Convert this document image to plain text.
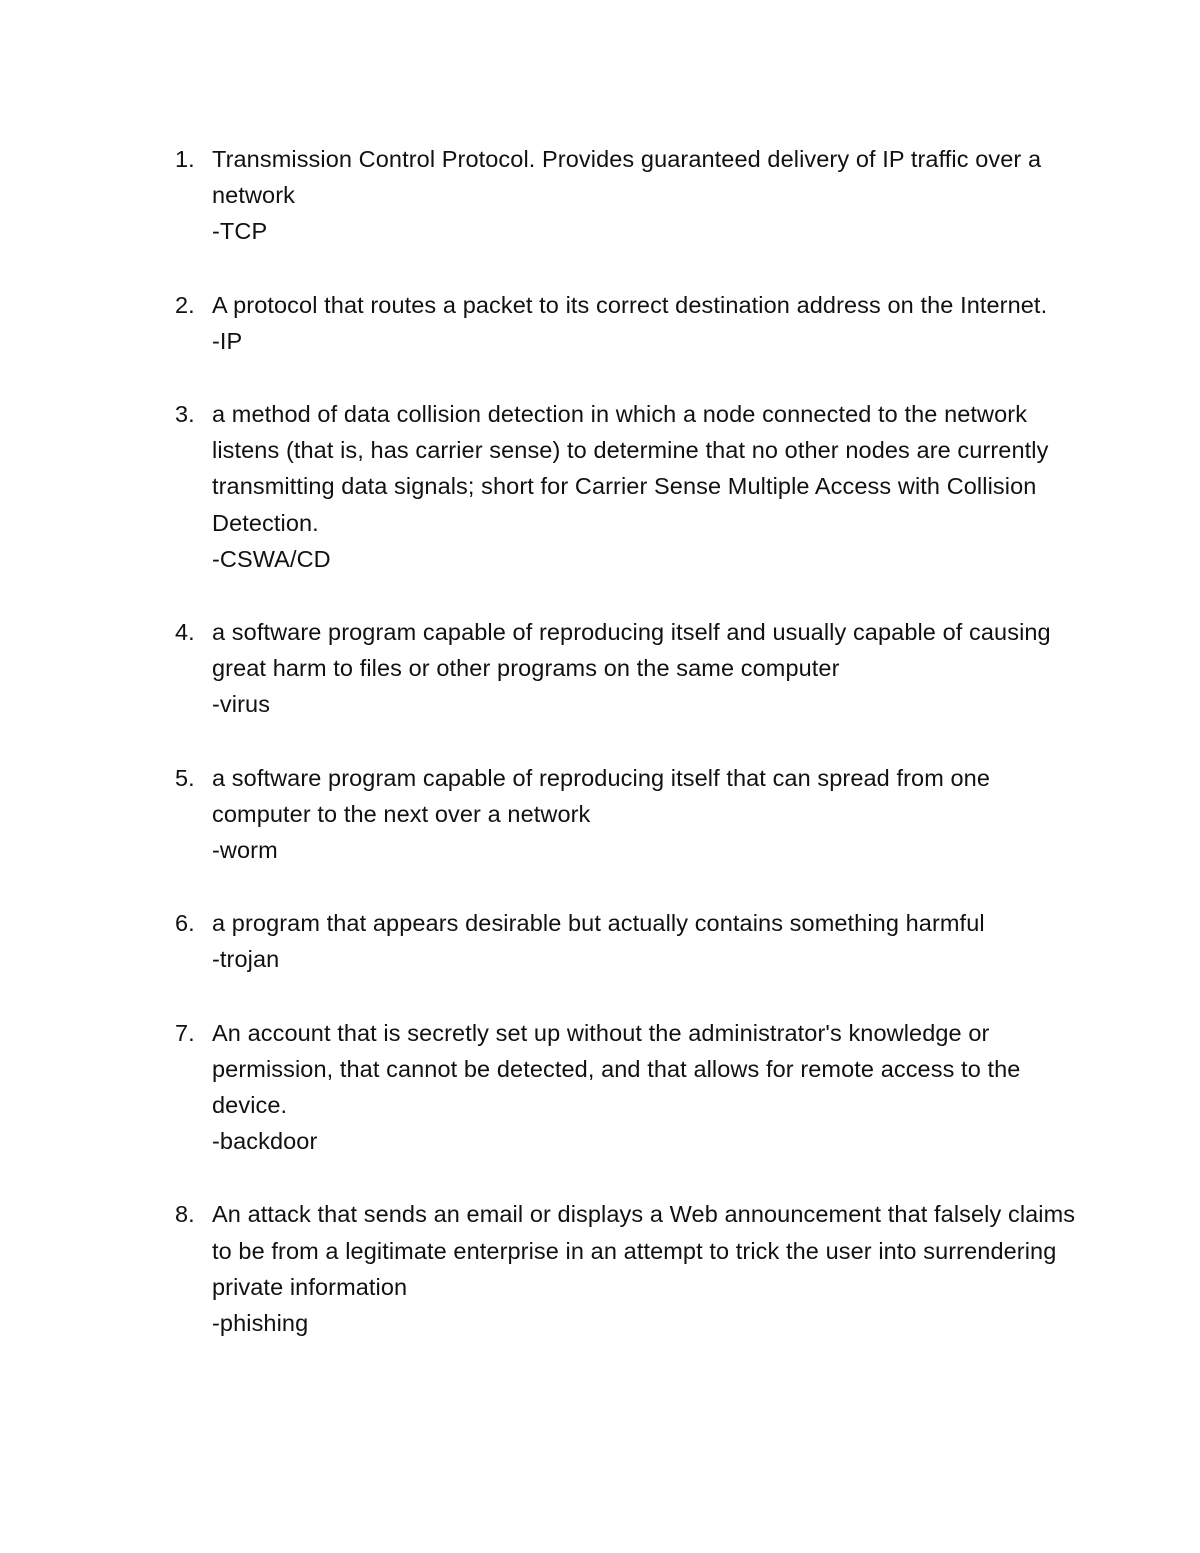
1. Transmission Control Protocol. Provides guaranteed delivery of IP traffic over a network
-TCP
2. A protocol that routes a packet to its correct destination address on the Internet.
-IP
3. a method of data collision detection in which a node connected to the network listens (that is, has carrier sense) to determine that no other nodes are currently transmitting data signals; short for Carrier Sense Multiple Access with Collision Detection.
-CSWA/CD
4. a software program capable of reproducing itself and usually capable of causing great harm to files or other programs on the same computer
-virus
5. a software program capable of reproducing itself that can spread from one computer to the next over a network
-worm
6. a program that appears desirable but actually contains something harmful
-trojan
7. An account that is secretly set up without the administrator's knowledge or permission, that cannot be detected, and that allows for remote access to the device.
-backdoor
8. An attack that sends an email or displays a Web announcement that falsely claims to be from a legitimate enterprise in an attempt to trick the user into surrendering private information
-phishing
